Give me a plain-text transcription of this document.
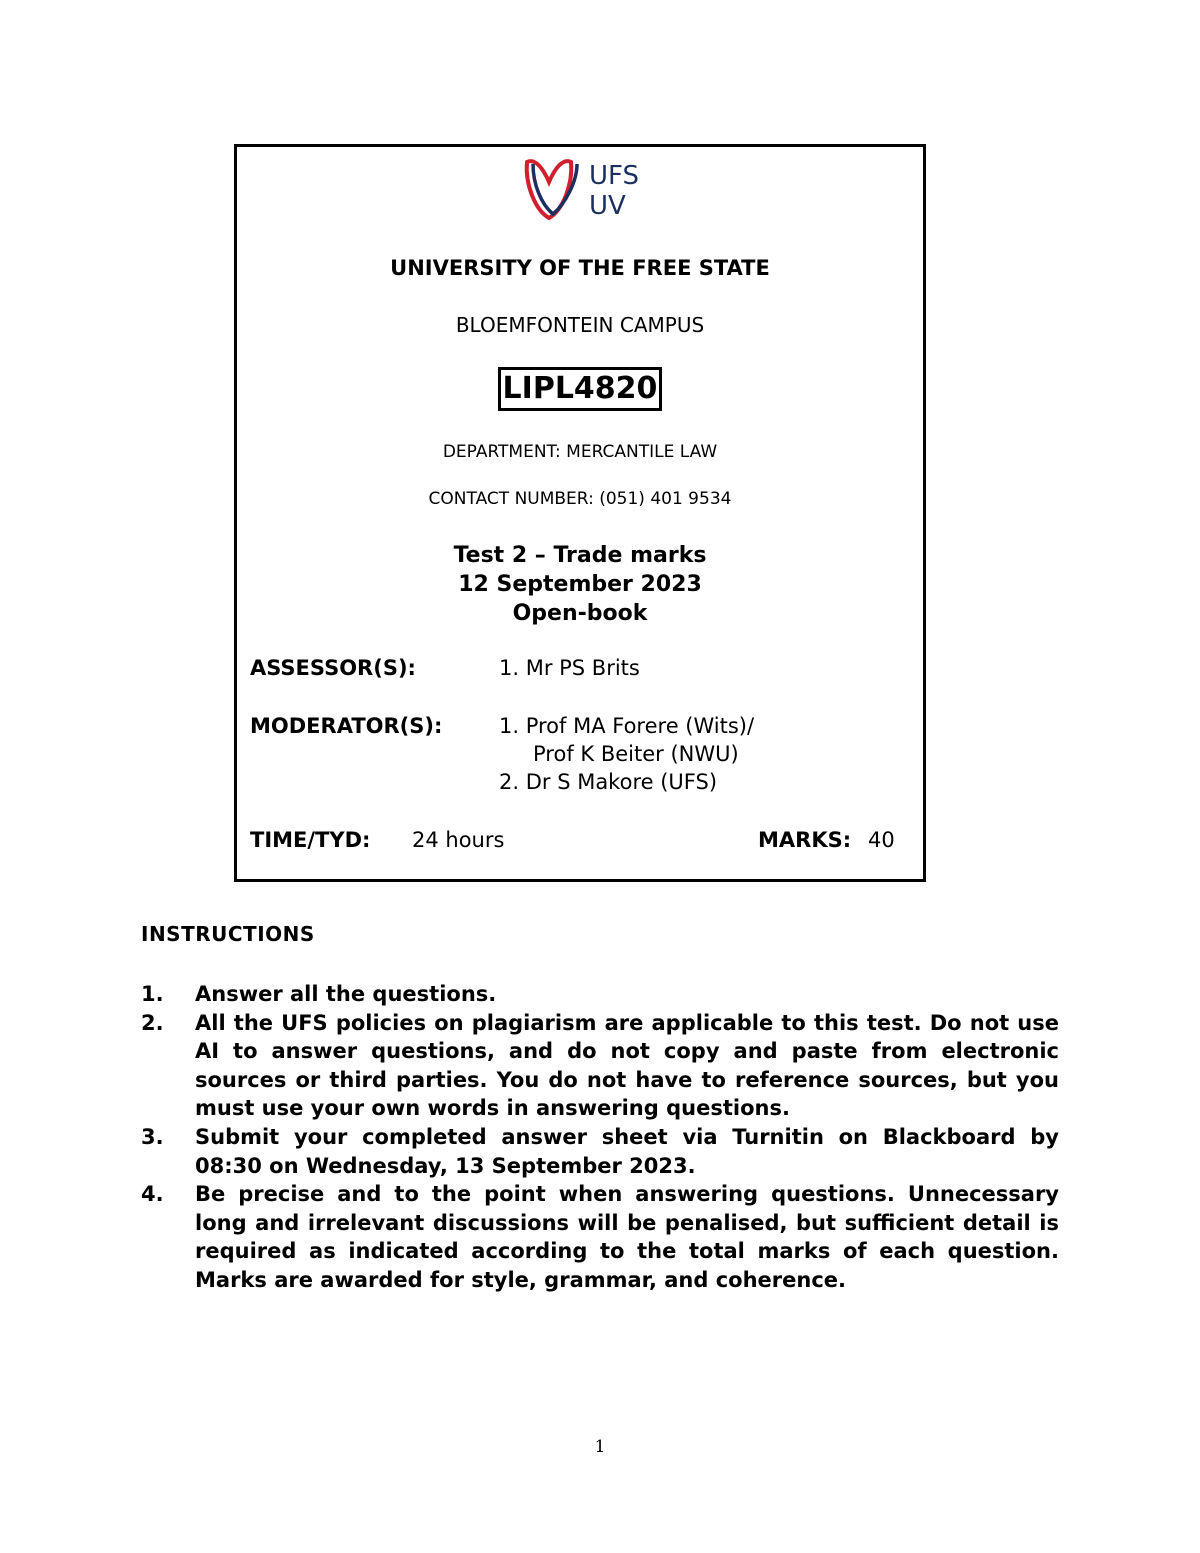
UFS
UV
UNIVERSITY OF THE FREE STATE
BLOEMFONTEIN CAMPUS
LIPL4820
DEPARTMENT: MERCANTILE LAW
CONTACT NUMBER: (051) 401 9534
Test 2 – Trade marks
12 September 2023
Open-book
ASSESSOR(S):	1. Mr PS Brits
MODERATOR(S):	1. Prof MA Forere (Wits)/
Prof K Beiter (NWU)
2. Dr S Makore (UFS)
TIME/TYD: 24 hours	MARKS: 40
INSTRUCTIONS
1.	Answer all the questions.
2.	All the UFS policies on plagiarism are applicable to this test. Do not use AI to answer questions, and do not copy and paste from electronic sources or third parties. You do not have to reference sources, but you must use your own words in answering questions.
3.	Submit your completed answer sheet via Turnitin on Blackboard by 08:30 on Wednesday, 13 September 2023.
4.	Be precise and to the point when answering questions. Unnecessary long and irrelevant discussions will be penalised, but sufficient detail is required as indicated according to the total marks of each question. Marks are awarded for style, grammar, and coherence.
1
